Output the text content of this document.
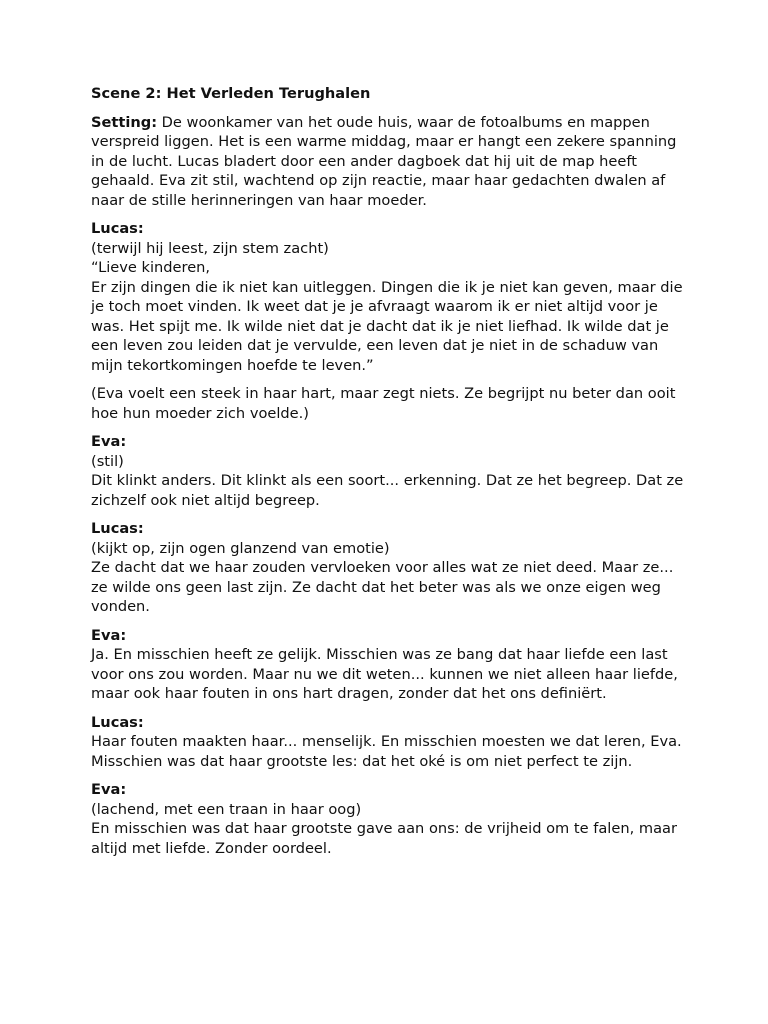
Scene 2: Het Verleden Terughalen

Setting: De woonkamer van het oude huis, waar de fotoalbums en mappen verspreid liggen. Het is een warme middag, maar er hangt een zekere spanning in de lucht. Lucas bladert door een ander dagboek dat hij uit de map heeft gehaald. Eva zit stil, wachtend op zijn reactie, maar haar gedachten dwalen af naar de stille herinneringen van haar moeder.

Lucas:
(terwijl hij leest, zijn stem zacht)
“Lieve kinderen,
Er zijn dingen die ik niet kan uitleggen. Dingen die ik je niet kan geven, maar die je toch moet vinden. Ik weet dat je je afvraagt waarom ik er niet altijd voor je was. Het spijt me. Ik wilde niet dat je dacht dat ik je niet liefhad. Ik wilde dat je een leven zou leiden dat je vervulde, een leven dat je niet in de schaduw van mijn tekortkomingen hoefde te leven.”

(Eva voelt een steek in haar hart, maar zegt niets. Ze begrijpt nu beter dan ooit hoe hun moeder zich voelde.)

Eva:
(stil)
Dit klinkt anders. Dit klinkt als een soort... erkenning. Dat ze het begreep. Dat ze zichzelf ook niet altijd begreep.
Lucas:
(kijkt op, zijn ogen glanzend van emotie)
Ze dacht dat we haar zouden vervloeken voor alles wat ze niet deed. Maar ze... ze wilde ons geen last zijn. Ze dacht dat het beter was als we onze eigen weg vonden.
Eva:
Ja. En misschien heeft ze gelijk. Misschien was ze bang dat haar liefde een last voor ons zou worden. Maar nu we dit weten... kunnen we niet alleen haar liefde, maar ook haar fouten in ons hart dragen, zonder dat het ons definiërt.
Lucas:
Haar fouten maakten haar... menselijk. En misschien moesten we dat leren, Eva. Misschien was dat haar grootste les: dat het oké is om niet perfect te zijn.
Eva:
(lachend, met een traan in haar oog)
En misschien was dat haar grootste gave aan ons: de vrijheid om te falen, maar altijd met liefde. Zonder oordeel.
